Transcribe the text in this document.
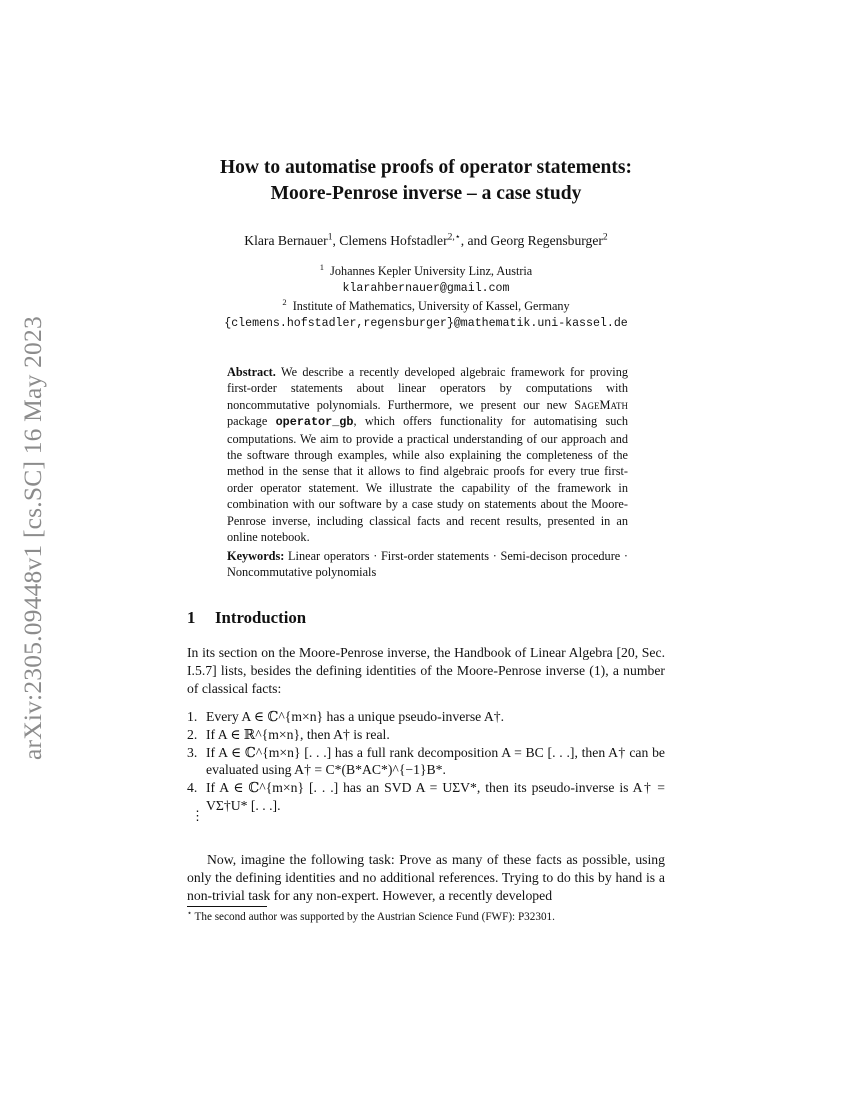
arXiv:2305.09448v1 [cs.SC] 16 May 2023
How to automatise proofs of operator statements:
Moore-Penrose inverse – a case study
Klara Bernauer$^1$, Clemens Hofstadler$^{2,⋆}$, and Georg Regensburger$^2$
$^1$ Johannes Kepler University Linz, Austria
klarahbernauer@gmail.com
$^2$ Institute of Mathematics, University of Kassel, Germany
{clemens.hofstadler,regensburger}@mathematik.uni-kassel.de
Abstract. We describe a recently developed algebraic framework for proving first-order statements about linear operators by computations with noncommutative polynomials. Furthermore, we present our new SageMath package operator_gb, which offers functionality for automatising such computations. We aim to provide a practical understanding of our approach and the software through examples, while also explaining the completeness of the method in the sense that it allows to find algebraic proofs for every true first-order operator statement. We illustrate the capability of the framework in combination with our software by a case study on statements about the Moore-Penrose inverse, including classical facts and recent results, presented in an online notebook.
Keywords: Linear operators · First-order statements · Semi-decison procedure · Noncommutative polynomials
1 Introduction
In its section on the Moore-Penrose inverse, the Handbook of Linear Algebra [20, Sec. I.5.7] lists, besides the defining identities of the Moore-Penrose inverse (1), a number of classical facts:
1. Every A ∈ ℂ^{m×n} has a unique pseudo-inverse A†.
2. If A ∈ ℝ^{m×n}, then A† is real.
3. If A ∈ ℂ^{m×n} [. . .] has a full rank decomposition A = BC [. . .], then A† can be evaluated using A† = C*(B*AC*)^{−1}B*.
4. If A ∈ ℂ^{m×n} [. . .] has an SVD A = UΣV*, then its pseudo-inverse is A† = VΣ†U* [. . .].
⋮
Now, imagine the following task: Prove as many of these facts as possible, using only the defining identities and no additional references. Trying to do this by hand is a non-trivial task for any non-expert. However, a recently developed
⋆ The second author was supported by the Austrian Science Fund (FWF): P32301.
